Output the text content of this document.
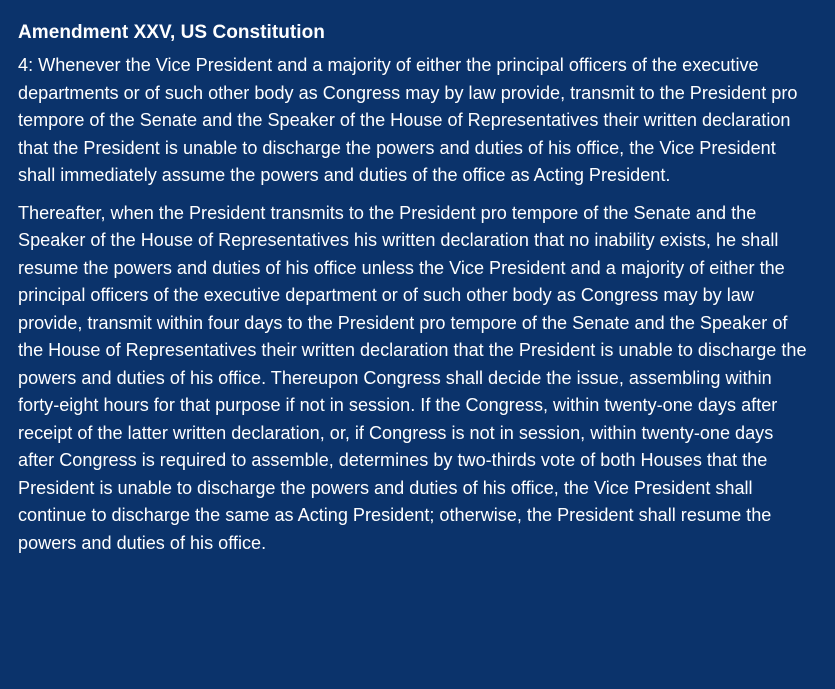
Amendment XXV, US Constitution

4: Whenever the Vice President and a majority of either the principal officers of the executive departments or of such other body as Congress may by law provide, transmit to the President pro tempore of the Senate and the Speaker of the House of Representatives their written declaration that the President is unable to discharge the powers and duties of his office, the Vice President shall immediately assume the powers and duties of the office as Acting President.

Thereafter, when the President transmits to the President pro tempore of the Senate and the Speaker of the House of Representatives his written declaration that no inability exists, he shall resume the powers and duties of his office unless the Vice President and a majority of either the principal officers of the executive department or of such other body as Congress may by law provide, transmit within four days to the President pro tempore of the Senate and the Speaker of the House of Representatives their written declaration that the President is unable to discharge the powers and duties of his office. Thereupon Congress shall decide the issue, assembling within forty-eight hours for that purpose if not in session. If the Congress, within twenty-one days after receipt of the latter written declaration, or, if Congress is not in session, within twenty-one days after Congress is required to assemble, determines by two-thirds vote of both Houses that the President is unable to discharge the powers and duties of his office, the Vice President shall continue to discharge the same as Acting President; otherwise, the President shall resume the powers and duties of his office.
